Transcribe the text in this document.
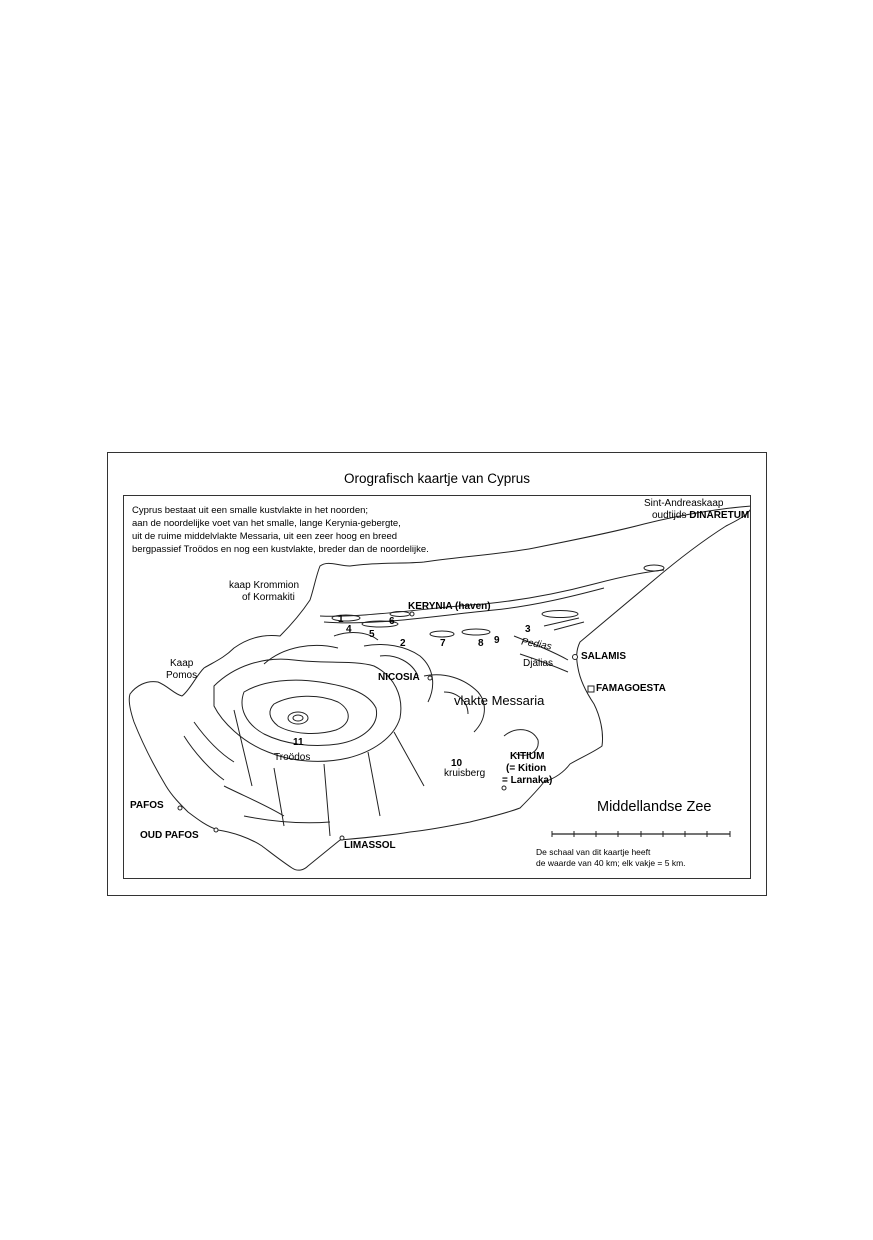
Orografisch kaartje van Cyprus
Cyprus bestaat uit een smalle kustvlakte in het noorden;
aan de noordelijke voet van het smalle, lange Kerynia-gebergte,
uit de ruime middelvlakte Messaria, uit een zeer hoog en breed
bergpassief Troödos en nog een kustvlakte, breder dan de noordelijke.
Sint-Andreaskaap
oudtijds DINARETUM
kaap Krommion
of Kormakiti
KERYNIA (haven)
Kaap
Pomos	NICOSIA
Pedias
Djalias
SALAMIS
FAMAGOESTA
vlakte Messaria
Troödos	KITIUM
(= Kition
= Larnaka)
kruisberg
PAFOS
OUD PAFOS
LIMASSOL
Middellandse Zee
1
2
3
4 5
6
7	8 9
10
11
De schaal van dit kaartje heeft
de waarde van 40 km; elk vakje = 5 km.
